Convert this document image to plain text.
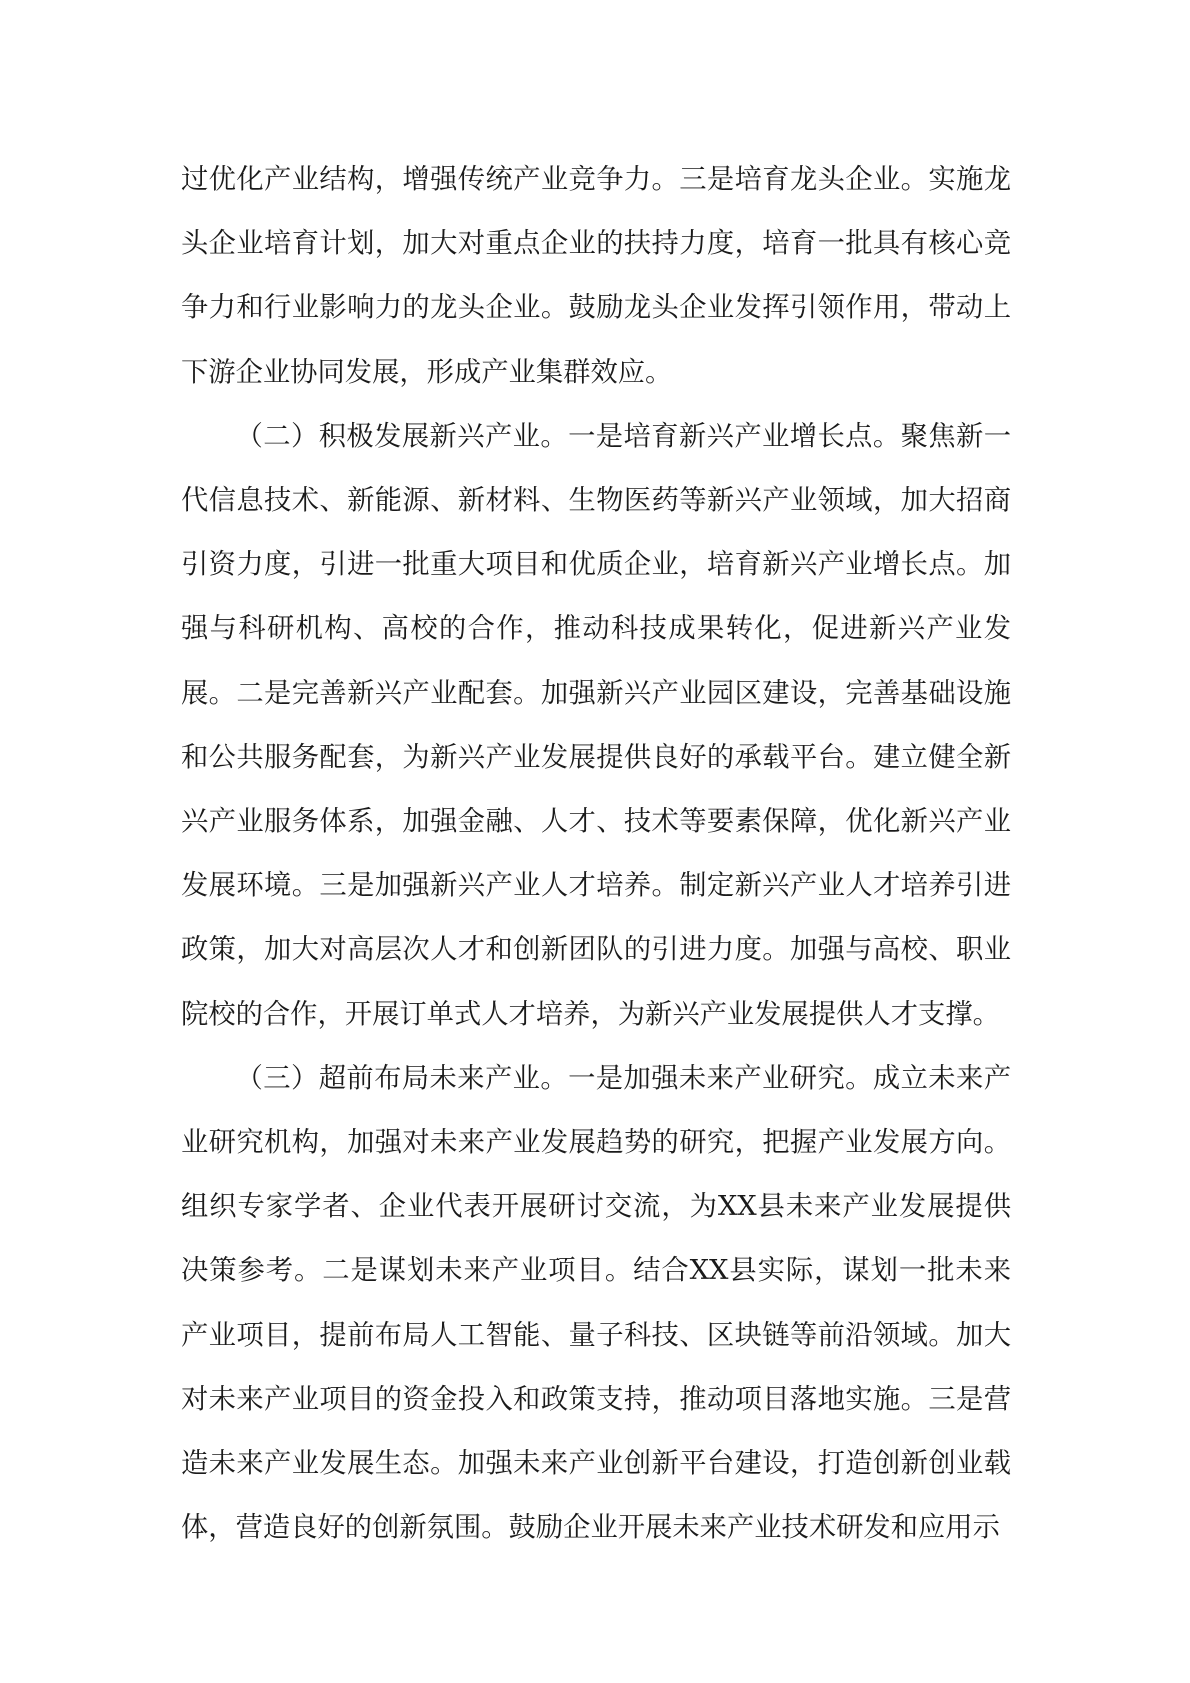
过优化产业结构，增强传统产业竞争力。三是培育龙头企业。实施龙头企业培育计划，加大对重点企业的扶持力度，培育一批具有核心竞争力和行业影响力的龙头企业。鼓励龙头企业发挥引领作用，带动上下游企业协同发展，形成产业集群效应。

（二）积极发展新兴产业。一是培育新兴产业增长点。聚焦新一代信息技术、新能源、新材料、生物医药等新兴产业领域，加大招商引资力度，引进一批重大项目和优质企业，培育新兴产业增长点。加强与科研机构、高校的合作，推动科技成果转化，促进新兴产业发展。二是完善新兴产业配套。加强新兴产业园区建设，完善基础设施和公共服务配套，为新兴产业发展提供良好的承载平台。建立健全新兴产业服务体系，加强金融、人才、技术等要素保障，优化新兴产业发展环境。三是加强新兴产业人才培养。制定新兴产业人才培养引进政策，加大对高层次人才和创新团队的引进力度。加强与高校、职业院校的合作，开展订单式人才培养，为新兴产业发展提供人才支撑。

（三）超前布局未来产业。一是加强未来产业研究。成立未来产业研究机构，加强对未来产业发展趋势的研究，把握产业发展方向。组织专家学者、企业代表开展研讨交流，为XX县未来产业发展提供决策参考。二是谋划未来产业项目。结合XX县实际，谋划一批未来产业项目，提前布局人工智能、量子科技、区块链等前沿领域。加大对未来产业项目的资金投入和政策支持，推动项目落地实施。三是营造未来产业发展生态。加强未来产业创新平台建设，打造创新创业载体，营造良好的创新氛围。鼓励企业开展未来产业技术研发和应用示
